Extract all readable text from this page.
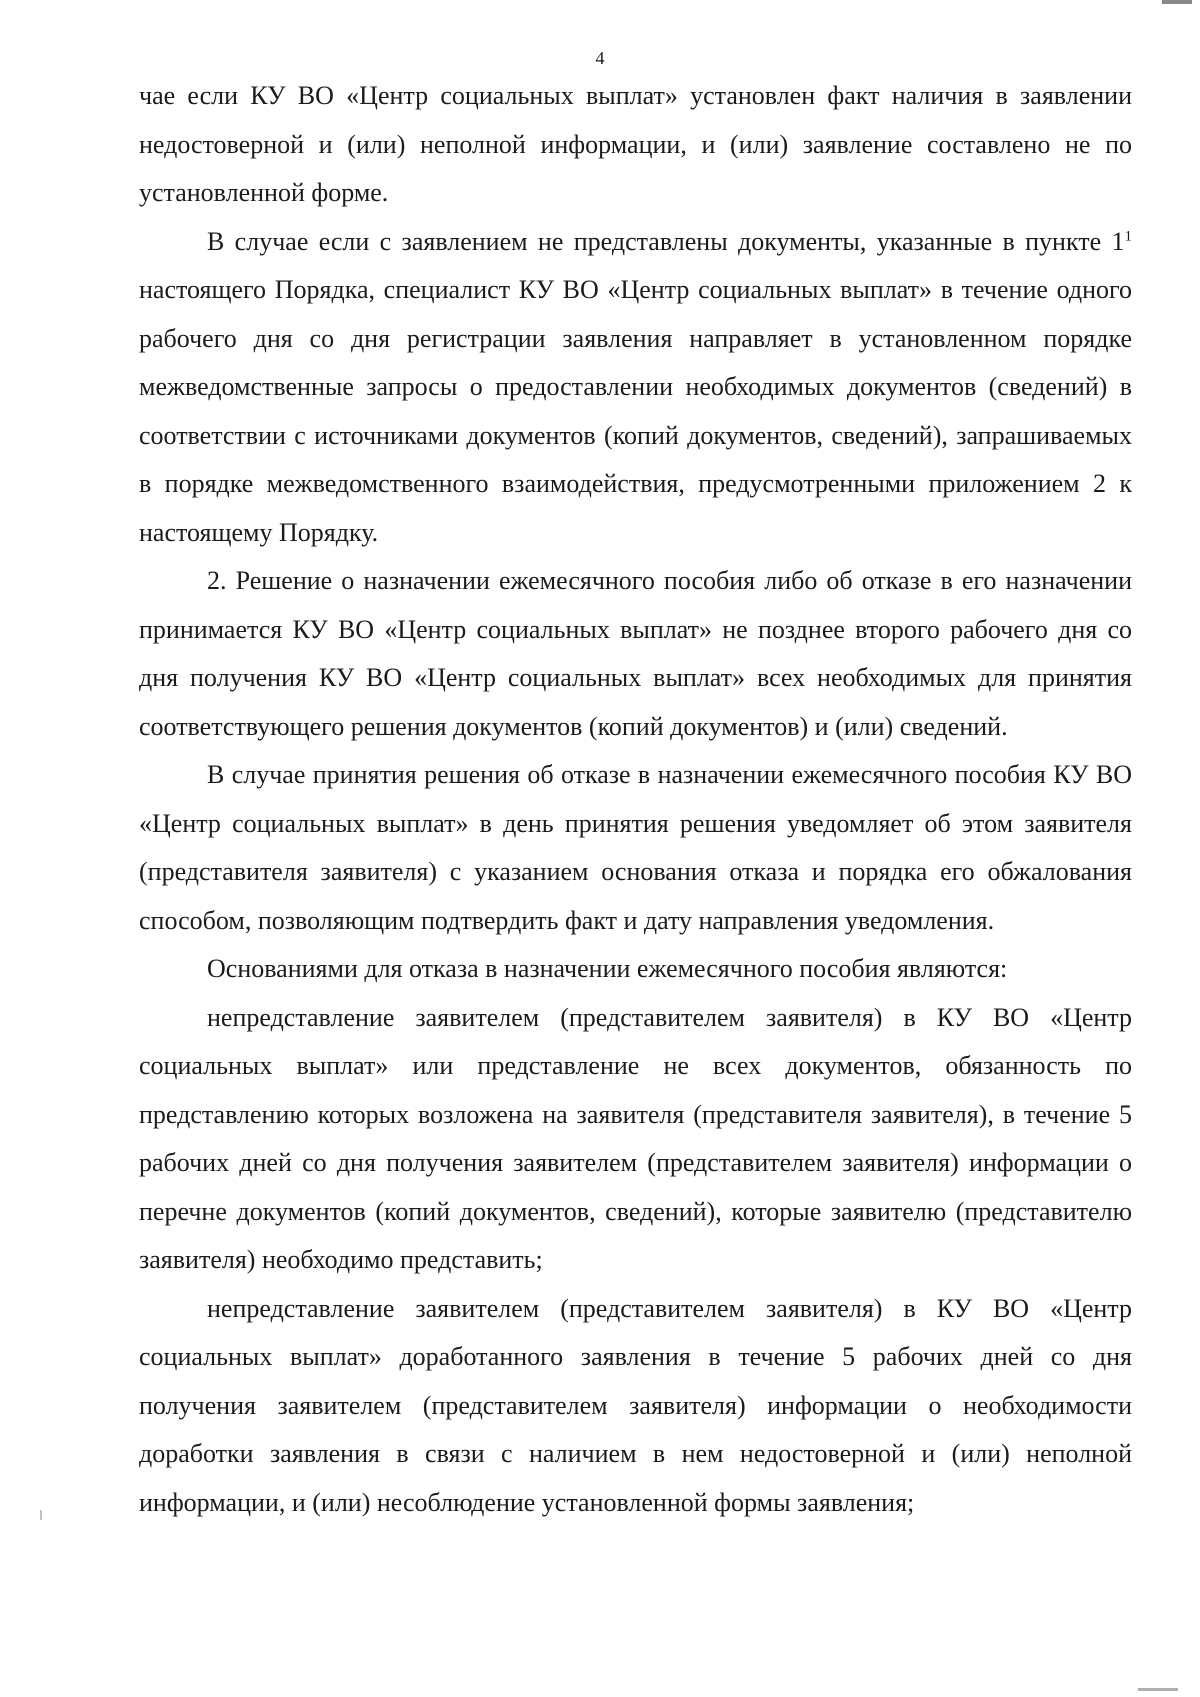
4

чае если КУ ВО «Центр социальных выплат» установлен факт наличия в заявлении недостоверной и (или) неполной информации, и (или) заявление составлено не по установленной форме.

В случае если с заявлением не представлены документы, указанные в пункте $1^1$ настоящего Порядка, специалист КУ ВО «Центр социальных выплат» в течение одного рабочего дня со дня регистрации заявления направляет в установленном порядке межведомственные запросы о предоставлении необходимых документов (сведений) в соответствии с источниками документов (копий документов, сведений), запрашиваемых в порядке межведомственного взаимодействия, предусмотренными приложением 2 к настоящему Порядку.

2. Решение о назначении ежемесячного пособия либо об отказе в его назначении принимается КУ ВО «Центр социальных выплат» не позднее второго рабочего дня со дня получения КУ ВО «Центр социальных выплат» всех необходимых для принятия соответствующего решения документов (копий документов) и (или) сведений.

В случае принятия решения об отказе в назначении ежемесячного пособия КУ ВО «Центр социальных выплат» в день принятия решения уведомляет об этом заявителя (представителя заявителя) с указанием основания отказа и порядка его обжалования способом, позволяющим подтвердить факт и дату направления уведомления.

Основаниями для отказа в назначении ежемесячного пособия являются:

непредставление заявителем (представителем заявителя) в КУ ВО «Центр социальных выплат» или представление не всех документов, обязанность по представлению которых возложена на заявителя (представителя заявителя), в течение 5 рабочих дней со дня получения заявителем (представителем заявителя) информации о перечне документов (копий документов, сведений), которые заявителю (представителю заявителя) необходимо представить;

непредставление заявителем (представителем заявителя) в КУ ВО «Центр социальных выплат» доработанного заявления в течение 5 рабочих дней со дня получения заявителем (представителем заявителя) информации о необходимости доработки заявления в связи с наличием в нем недостоверной и (или) неполной информации, и (или) несоблюдение установленной формы заявления;
